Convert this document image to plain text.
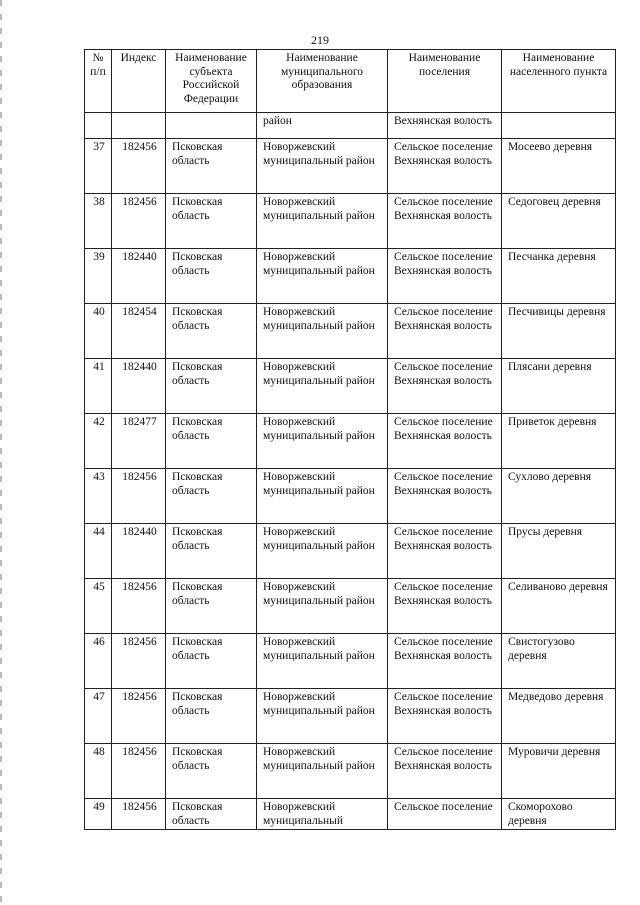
219
№ п/п	Индекс	Наименование субъекта Российской Федерации	Наименование муниципального образования	Наименование поселения	Наименование населенного пункта
			район	Вехнянская волость	
37	182456	Псковская область	Новоржевский муниципальный район	Сельское поселение Вехнянская волость	Мосеево деревня
38	182456	Псковская область	Новоржевский муниципальный район	Сельское поселение Вехнянская волость	Седоговец деревня
39	182440	Псковская область	Новоржевский муниципальный район	Сельское поселение Вехнянская волость	Песчанка деревня
40	182454	Псковская область	Новоржевский муниципальный район	Сельское поселение Вехнянская волость	Песчивицы деревня
41	182440	Псковская область	Новоржевский муниципальный район	Сельское поселение Вехнянская волость	Плясани деревня
42	182477	Псковская область	Новоржевский муниципальный район	Сельское поселение Вехнянская волость	Приветок деревня
43	182456	Псковская область	Новоржевский муниципальный район	Сельское поселение Вехнянская волость	Сухлово деревня
44	182440	Псковская область	Новоржевский муниципальный район	Сельское поселение Вехнянская волость	Прусы деревня
45	182456	Псковская область	Новоржевский муниципальный район	Сельское поселение Вехнянская волость	Селиваново деревня
46	182456	Псковская область	Новоржевский муниципальный район	Сельское поселение Вехнянская волость	Свистогузово деревня
47	182456	Псковская область	Новоржевский муниципальный район	Сельское поселение Вехнянская волость	Медведово деревня
48	182456	Псковская область	Новоржевский муниципальный район	Сельское поселение Вехнянская волость	Муровичи деревня
49	182456	Псковская область	Новоржевский муниципальный	Сельское поселение	Скоморохово деревня
